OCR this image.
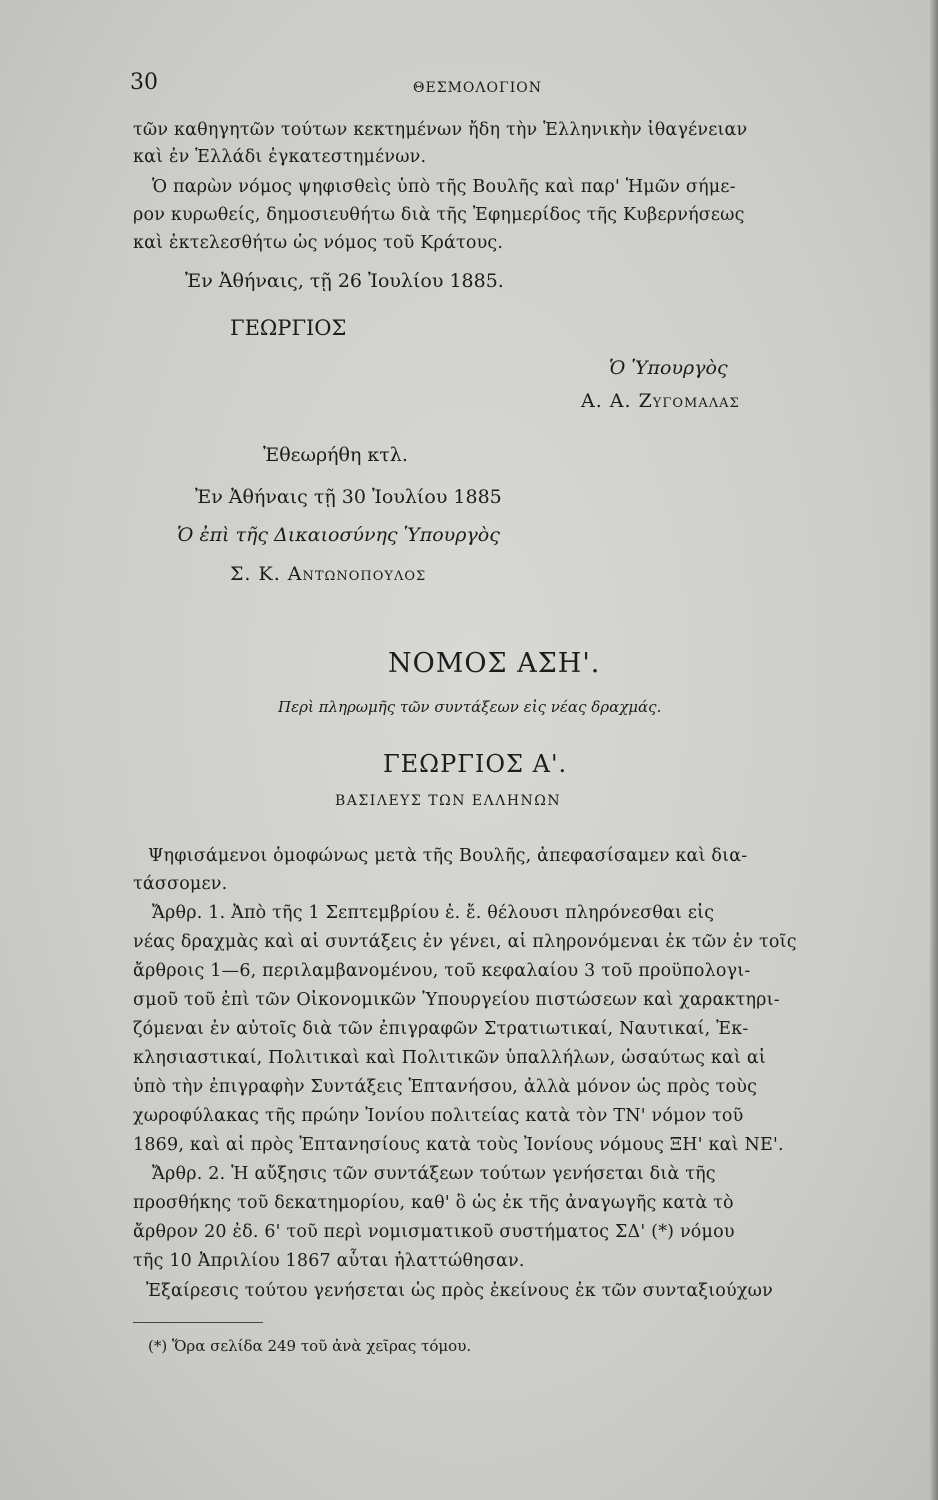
30	ΘΕΣΜΟΛΟΓΙΟΝ
τῶν καθηγητῶν τούτων κεκτημένων ἤδη τὴν Ἑλληνικὴν ἰθαγένειαν
καὶ ἐν Ἑλλάδι ἐγκατεστημένων.
Ὁ παρὼν νόμος ψηφισθεὶς ὑπὸ τῆς Βουλῆς καὶ παρ' Ἡμῶν σήμε-
ρον κυρωθείς, δημοσιευθήτω διὰ τῆς Ἐφημερίδος τῆς Κυβερνήσεως
καὶ ἐκτελεσθήτω ὡς νόμος τοῦ Κράτους.
Ἐν Ἀθήναις, τῇ 26 Ἰουλίου 1885.
ΓΕΩΡΓΙΟΣ
Ὁ Ὑπουργὸς
Α. Α. Ζυγομαλας
Ἐθεωρήθη κτλ.
Ἐν Ἀθήναις τῇ 30 Ἰουλίου 1885
Ὁ ἐπὶ τῆς Δικαιοσύνης Ὑπουργὸς
Σ. Κ. Αντωνοπουλος
ΝΟΜΟΣ ΑΣΗ'.
Περὶ πληρωμῆς τῶν συντάξεων εἰς νέας δραχμάς.
ΓΕΩΡΓΙΟΣ Α'.
ΒΑΣΙΛΕΥΣ ΤΩΝ ΕΛΛΗΝΩΝ
Ψηφισάμενοι ὁμοφώνως μετὰ τῆς Βουλῆς, ἀπεφασίσαμεν καὶ δια-
τάσσομεν.
Ἄρθρ. 1. Ἀπὸ τῆς 1 Σεπτεμβρίου ἐ. ἔ. θέλουσι πληρόνεσθαι εἰς
νέας δραχμὰς καὶ αἱ συντάξεις ἐν γένει, αἱ πληρονόμεναι ἐκ τῶν ἐν τοῖς
ἄρθροις 1—6, περιλαμβανομένου, τοῦ κεφαλαίου 3 τοῦ προϋπολογι-
σμοῦ τοῦ ἐπὶ τῶν Οἰκονομικῶν Ὑπουργείου πιστώσεων καὶ χαρακτηρι-
ζόμεναι ἐν αὐτοῖς διὰ τῶν ἐπιγραφῶν Στρατιωτικαί, Ναυτικαί, Ἐκ-
κλησιαστικαί, Πολιτικαὶ καὶ Πολιτικῶν ὑπαλλήλων, ὡσαύτως καὶ αἱ
ὑπὸ τὴν ἐπιγραφὴν Συντάξεις Ἑπτανήσου, ἀλλὰ μόνον ὡς πρὸς τοὺς
χωροφύλακας τῆς πρώην Ἰονίου πολιτείας κατὰ τὸν ΤΝ' νόμον τοῦ
1869, καὶ αἱ πρὸς Ἑπτανησίους κατὰ τοὺς Ἰονίους νόμους ΞΗ' καὶ ΝΕ'.
Ἄρθρ. 2. Ἡ αὔξησις τῶν συντάξεων τούτων γενήσεται διὰ τῆς
προσθήκης τοῦ δεκατημορίου, καθ' ὃ ὡς ἐκ τῆς ἀναγωγῆς κατὰ τὸ
ἄρθρον 20 ἐδ. 6' τοῦ περὶ νομισματικοῦ συστήματος ΣΔ' (*) νόμου
τῆς 10 Ἀπριλίου 1867 αὗται ἠλαττώθησαν.
Ἐξαίρεσις τούτου γενήσεται ὡς πρὸς ἐκείνους ἐκ τῶν συνταξιούχων
(*) Ὅρα σελίδα 249 τοῦ ἀνὰ χεῖρας τόμου.
